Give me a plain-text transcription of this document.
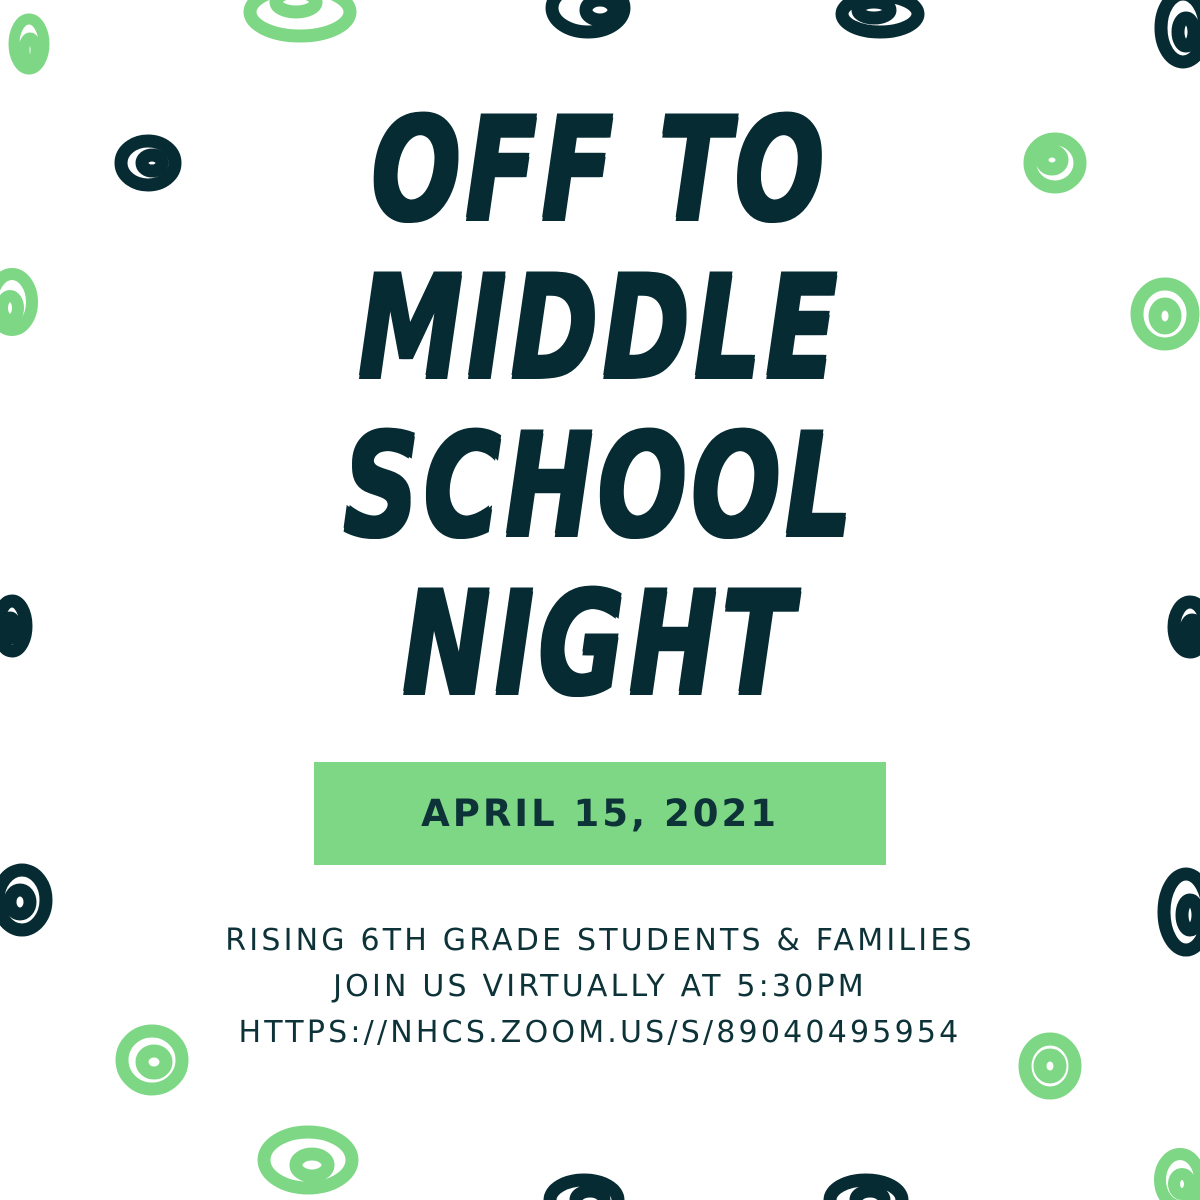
OFF TO
MIDDLE
SCHOOL
NIGHT
APRIL 15, 2021
RISING 6TH GRADE STUDENTS & FAMILIES
JOIN US VIRTUALLY AT 5:30PM
HTTPS://NHCS.ZOOM.US/S/89040495954
